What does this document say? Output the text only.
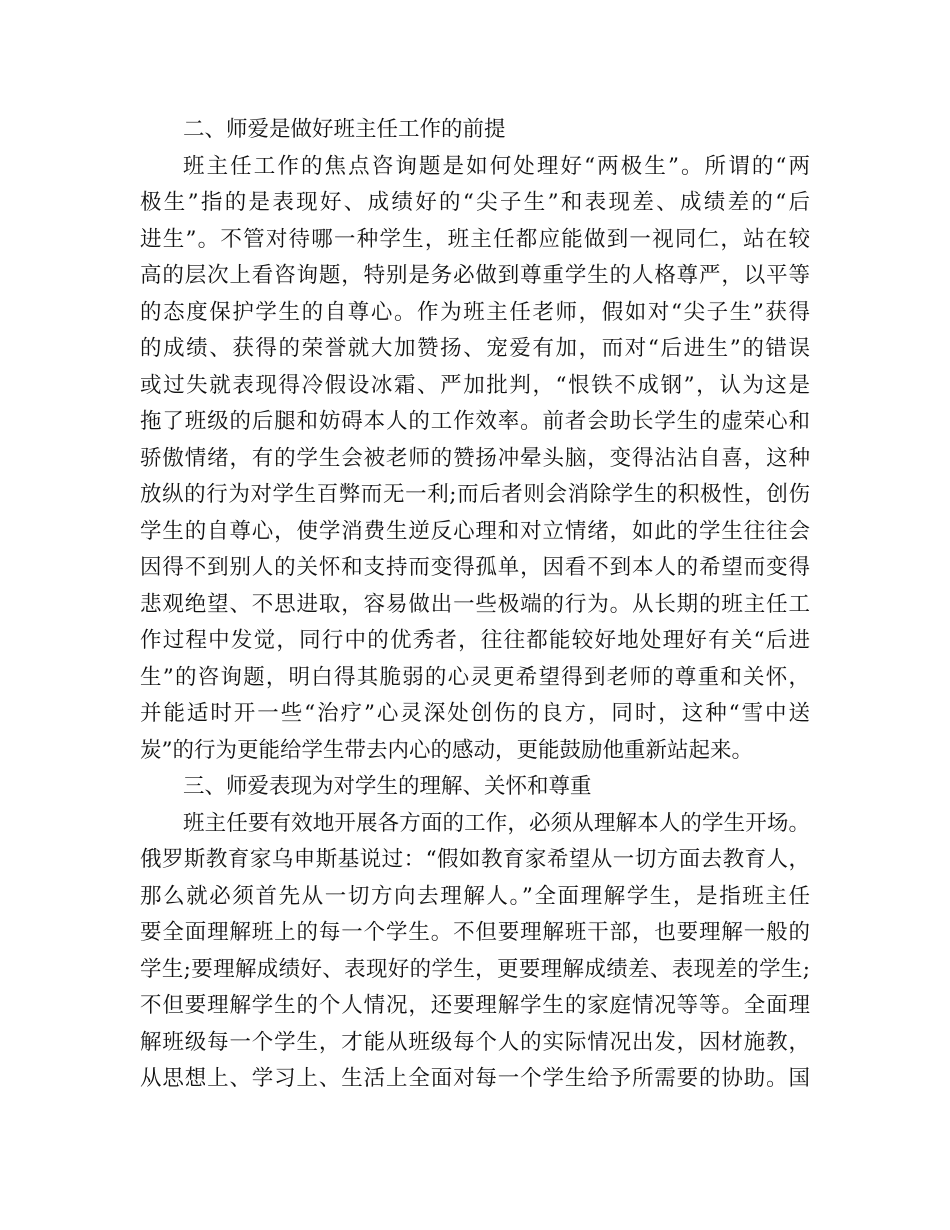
二、师爱是做好班主任工作的前提
班主任工作的焦点咨询题是如何处理好“两极生”。所谓的“两
极生”指的是表现好、成绩好的“尖子生”和表现差、成绩差的“后
进生”。不管对待哪一种学生，班主任都应能做到一视同仁，站在较
高的层次上看咨询题，特别是务必做到尊重学生的人格尊严，以平等
的态度保护学生的自尊心。作为班主任老师，假如对“尖子生”获得
的成绩、获得的荣誉就大加赞扬、宠爱有加，而对“后进生”的错误
或过失就表现得冷假设冰霜、严加批判，“恨铁不成钢”，认为这是
拖了班级的后腿和妨碍本人的工作效率。前者会助长学生的虚荣心和
骄傲情绪，有的学生会被老师的赞扬冲晕头脑，变得沾沾自喜，这种
放纵的行为对学生百弊而无一利;而后者则会消除学生的积极性，创伤
学生的自尊心，使学消费生逆反心理和对立情绪，如此的学生往往会
因得不到别人的关怀和支持而变得孤单，因看不到本人的希望而变得
悲观绝望、不思进取，容易做出一些极端的行为。从长期的班主任工
作过程中发觉，同行中的优秀者，往往都能较好地处理好有关“后进
生”的咨询题，明白得其脆弱的心灵更希望得到老师的尊重和关怀，
并能适时开一些“治疗”心灵深处创伤的良方，同时，这种“雪中送
炭”的行为更能给学生带去内心的感动，更能鼓励他重新站起来。
三、师爱表现为对学生的理解、关怀和尊重
班主任要有效地开展各方面的工作，必须从理解本人的学生开场。
俄罗斯教育家乌申斯基说过：“假如教育家希望从一切方面去教育人，
那么就必须首先从一切方向去理解人。”全面理解学生，是指班主任
要全面理解班上的每一个学生。不但要理解班干部，也要理解一般的
学生;要理解成绩好、表现好的学生，更要理解成绩差、表现差的学生;
不但要理解学生的个人情况，还要理解学生的家庭情况等等。全面理
解班级每一个学生，才能从班级每个人的实际情况出发，因材施教，
从思想上、学习上、生活上全面对每一个学生给予所需要的协助。国
